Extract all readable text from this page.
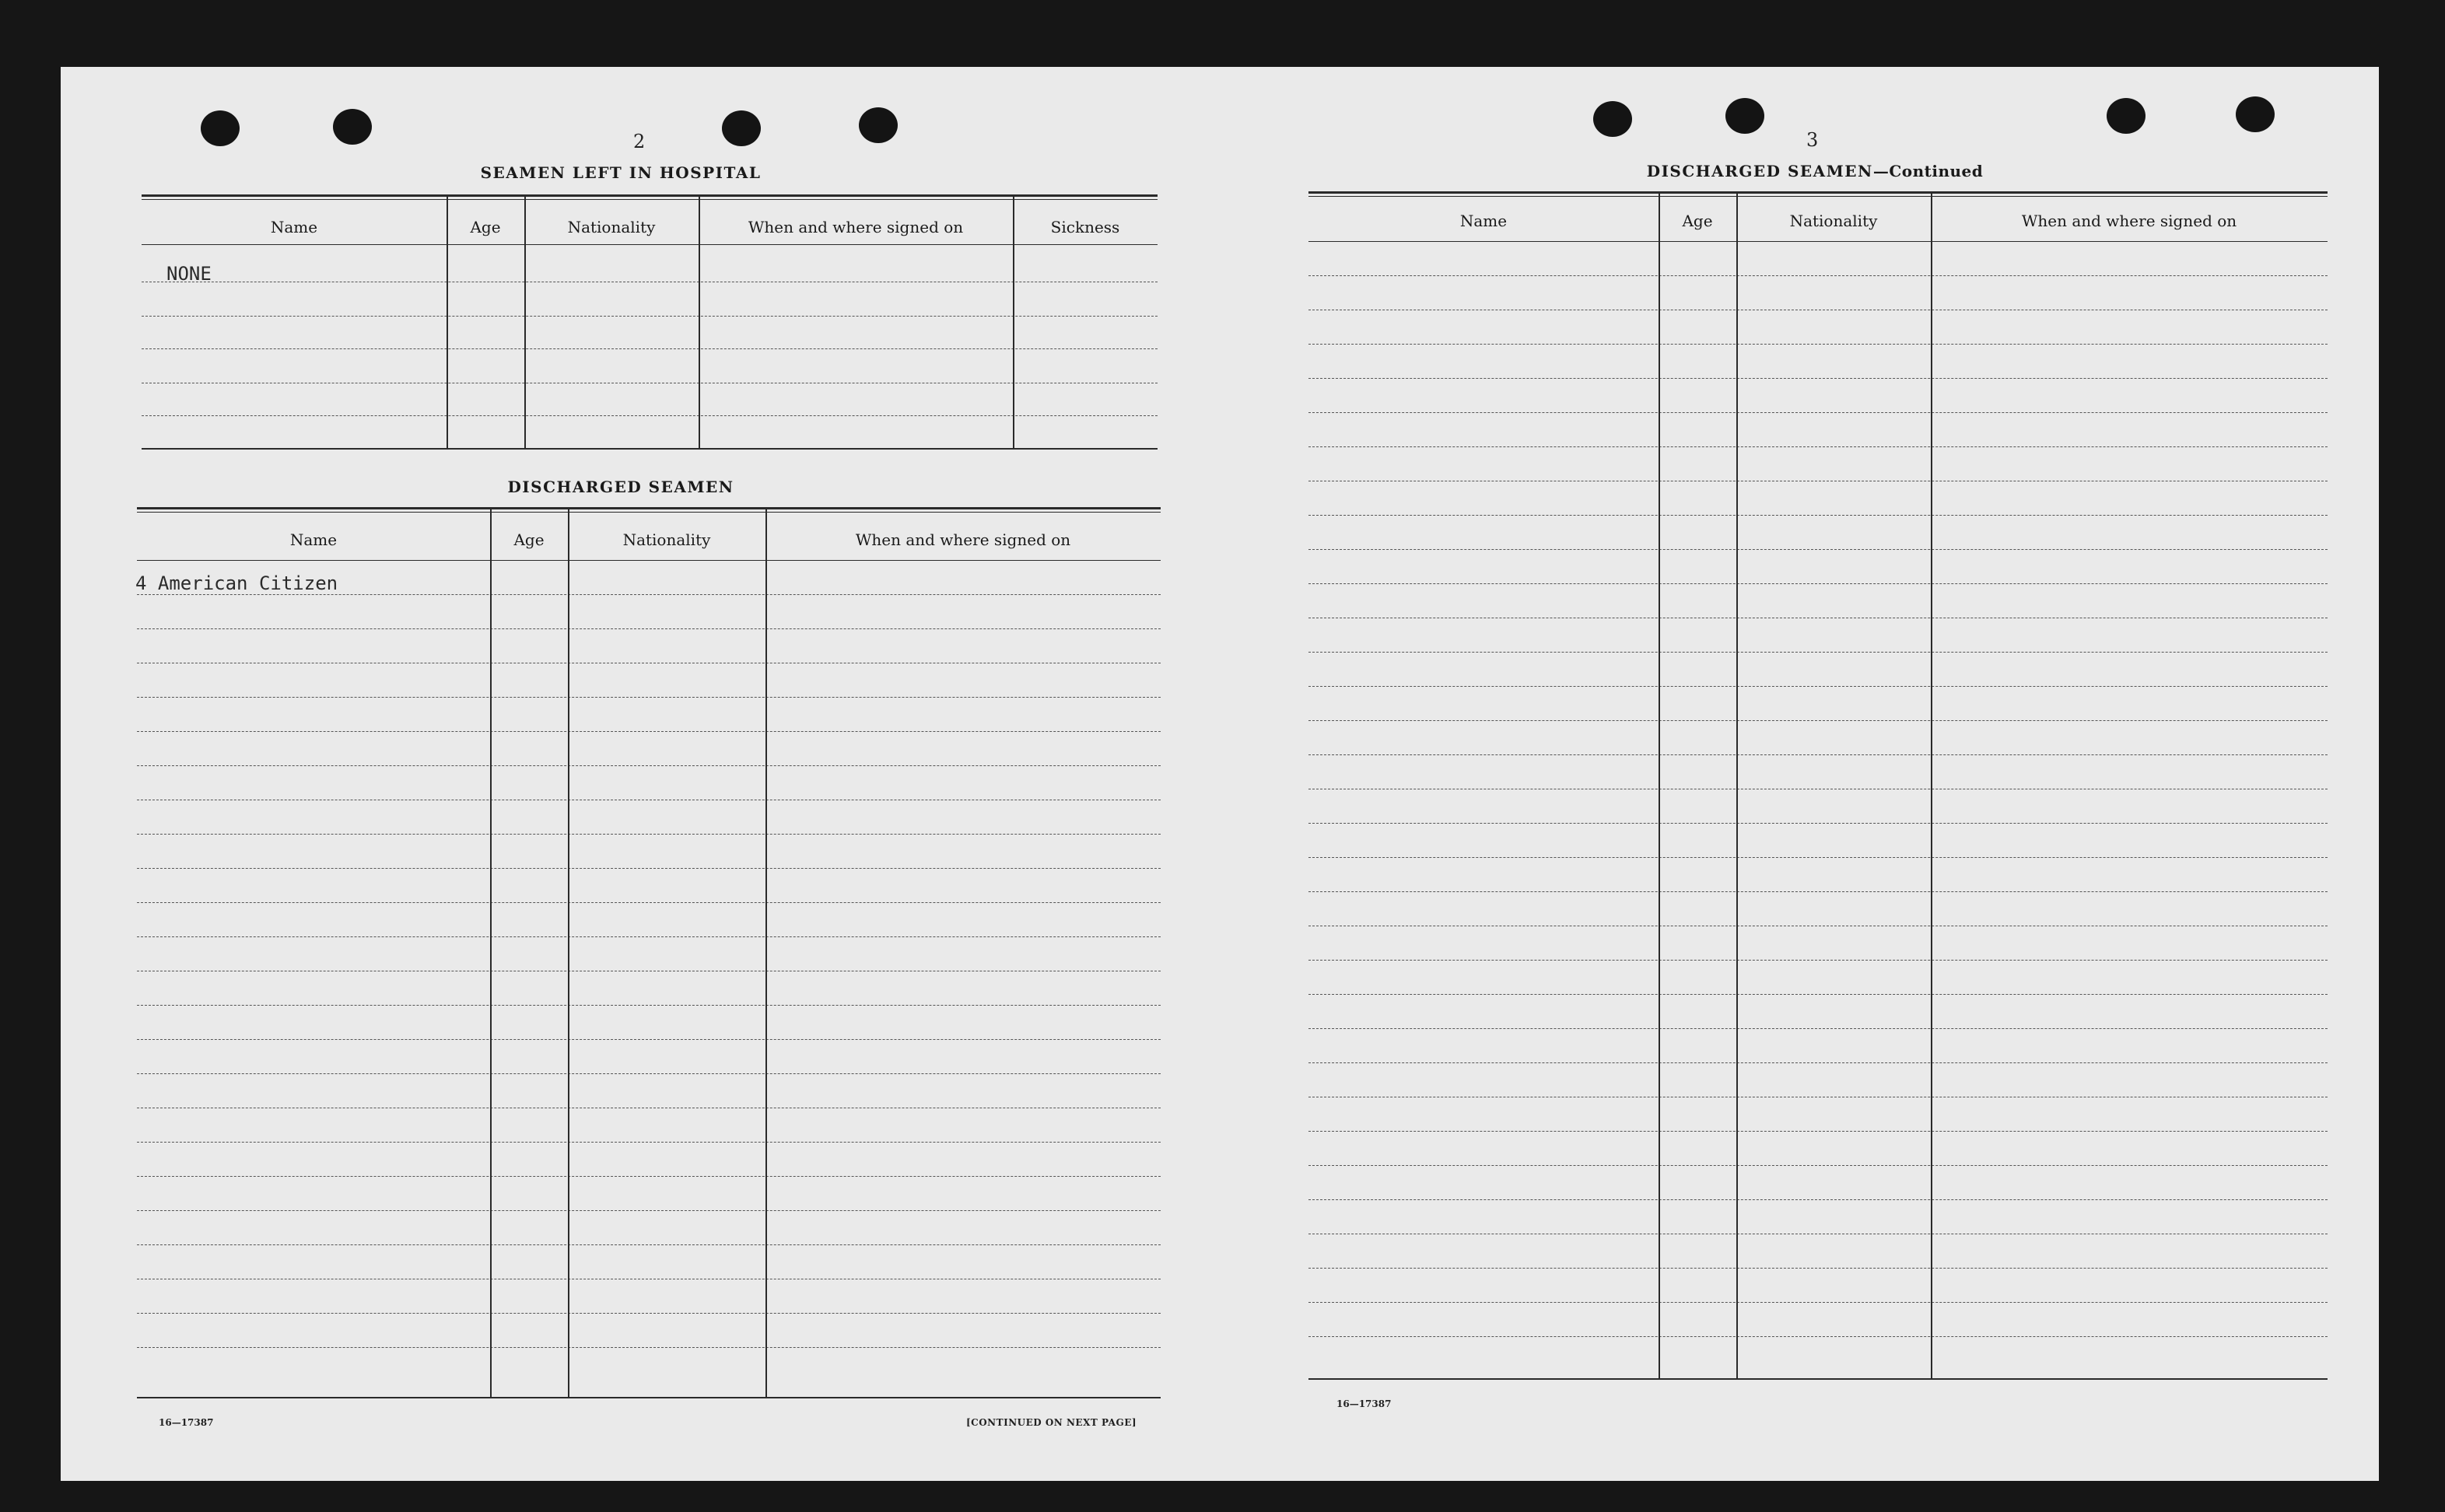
2
SEAMEN LEFT IN HOSPITAL
Name	Age	Nationality	When and where signed on	Sickness
NONE
DISCHARGED SEAMEN
Name	Age	Nationality	When and where signed on
4 American Citizen
16—17387	[CONTINUED ON NEXT PAGE]
3
DISCHARGED SEAMEN—Continued
Name	Age	Nationality	When and where signed on
16—17387
